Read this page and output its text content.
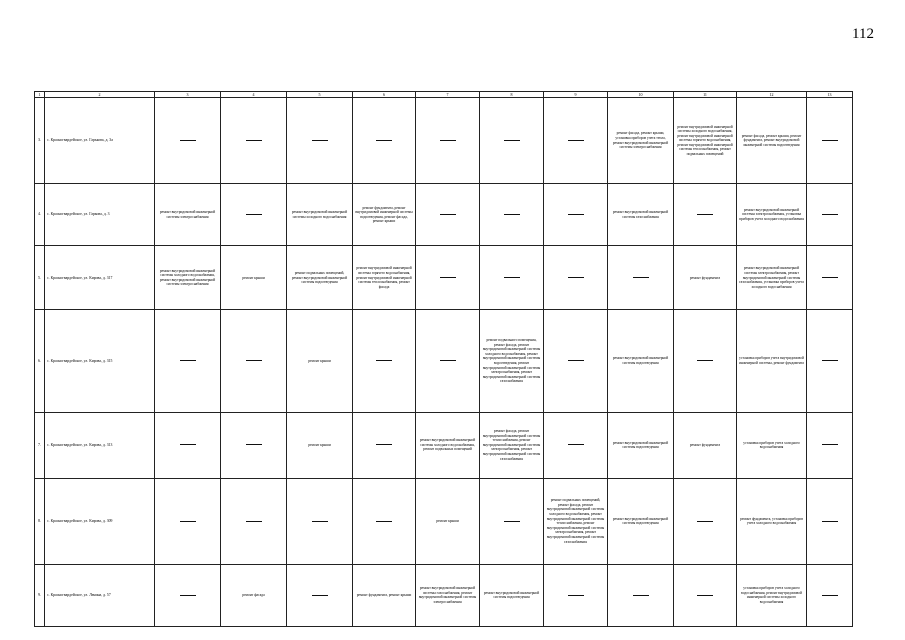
112
1	2	3	4	5	6	7	8	9	10	11	12	13
3.	с. Красногвардейское, ул. Гарькова, д. 3а								ремонт фасада, ремонт крыши, установка приборов учета тепла, ремонт внутридомовой инженерной системы электроснабжения	ремонт внутридомовой инженерной системы холодного водоснабжения, ремонт внутридомовой инженерной системы горячего водоснабжения, ремонт внутридомовой инженерной системы теплоснабжения, ремонт подвальных помещений	ремонт фасада, ремонт крыши, ремонт фундамента, ремонт внутридомовой инженерной системы водоотведения	
4.	с. Красногвардейское, ул. Гаркова, д. 3	ремонт внутридомовой инженерной системы электроснабжения		ремонт внутридомовой инженерной системы холодного водоснабжения	ремонт фундамента, ремонт внутридомовой инженерной системы водоотведения, ремонт фасада, ремонт крыши				ремонт внутридомовой инженерной системы газоснабжения		ремонт внутридомовой инженерной системы электроснабжения, установка приборов учета холодного водоснабжения	
5.	с. Красногвардейское, ул. Кирова, д. 317	ремонт внутридомовой инженерной системы холодного водоснабжения, ремонт внутридомовой инженерной системы электроснабжения	ремонт крыши	ремонт подвальных помещений, ремонт внутридомовой инженерной системы водоотведения	ремонт внутридомовой инженерной системы горячего водоснабжения, ремонт внутридомовой инженерной системы теплоснабжения, ремонт фасада					ремонт фундамента	ремонт внутридомовой инженерной системы электроснабжения, ремонт внутридомовой инженерной системы газоснабжения, установка приборов учета холодного водоснабжения	
6.	с. Красногвардейское, ул. Кирова, д. 315			ремонт крыши			ремонт подвального помещения, ремонт фасада, ремонт внутридомовой инженерной системы холодного водоснабжения, ремонт внутридомовой инженерной системы водоотведения, ремонт внутридомовой инженерной системы электроснабжения, ремонт внутридомовой инженерной системы газоснабжения		ремонт внутридомовой инженерной системы водоотведения		установка приборов учета внутридомовой инженерной системы, ремонт фундамента	
7.	с. Красногвардейское, ул. Кирова, д. 313			ремонт крыши		ремонт внутридомовой инженерной системы холодного водоснабжения, ремонт подвальных помещений	ремонт фасада, ремонт внутридомовой инженерной системы теплоснабжения, ремонт внутридомовой инженерной системы электроснабжения, ремонт внутридомовой инженерной системы газоснабжения		ремонт внутридомовой инженерной системы водоотведения	ремонт фундамента	установка приборов учета холодного водоснабжения	
8.	с. Красногвардейское, ул. Кирова, д. 309					ремонт крыши		ремонт подвальных помещений, ремонт фасада, ремонт внутридомовой инженерной системы холодного водоснабжения, ремонт внутридомовой инженерной системы теплоснабжения, ремонт внутридомовой инженерной системы электроснабжения, ремонт внутридомовой инженерной системы газоснабжения	ремонт внутридомовой инженерной системы водоотведения		ремонт фундамента, установка приборов учета холодного водоснабжения	
9.	с. Красногвардейское, ул. Ленина, д. 57		ремонт фасада		ремонт фундамента, ремонт крыши	ремонт внутридомовой инженерной системы газоснабжения, ремонт внутридомовой инженерной системы электроснабжения	ремонт внутридомовой инженерной системы водоотведения				установка приборов учета холодного водоснабжения, ремонт внутридомовой инженерной системы холодного водоснабжения	
